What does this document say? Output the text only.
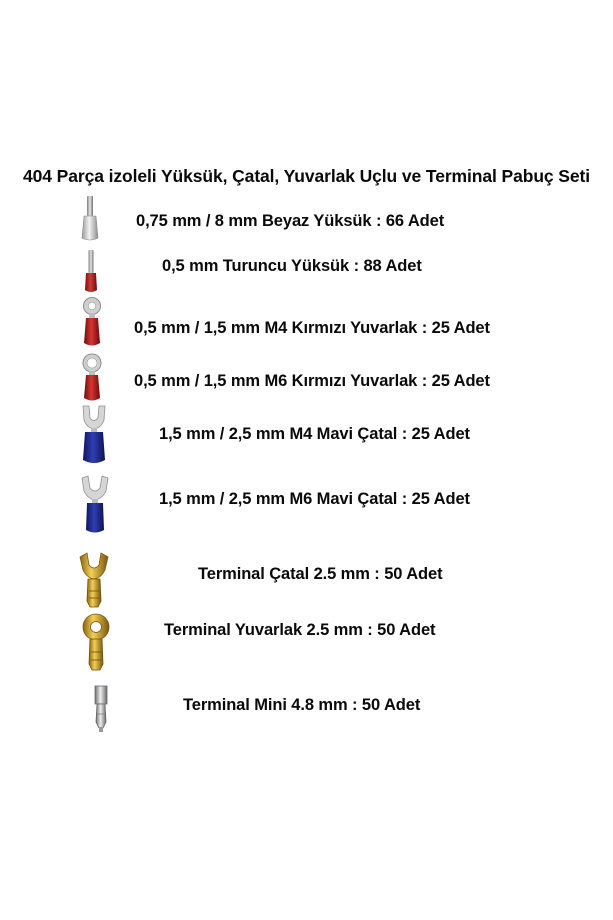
404 Parça izoleli Yüksük, Çatal, Yuvarlak Uçlu ve Terminal Pabuç Seti
0,75 mm / 8 mm Beyaz Yüksük : 66 Adet
0,5 mm Turuncu Yüksük : 88 Adet
0,5 mm / 1,5 mm M4 Kırmızı Yuvarlak : 25 Adet
0,5 mm / 1,5 mm M6 Kırmızı Yuvarlak : 25 Adet
1,5 mm / 2,5 mm M4 Mavi Çatal : 25 Adet
1,5 mm / 2,5 mm M6 Mavi Çatal : 25 Adet
Terminal Çatal 2.5 mm : 50 Adet
Terminal Yuvarlak 2.5 mm : 50 Adet
Terminal Mini 4.8 mm : 50 Adet
